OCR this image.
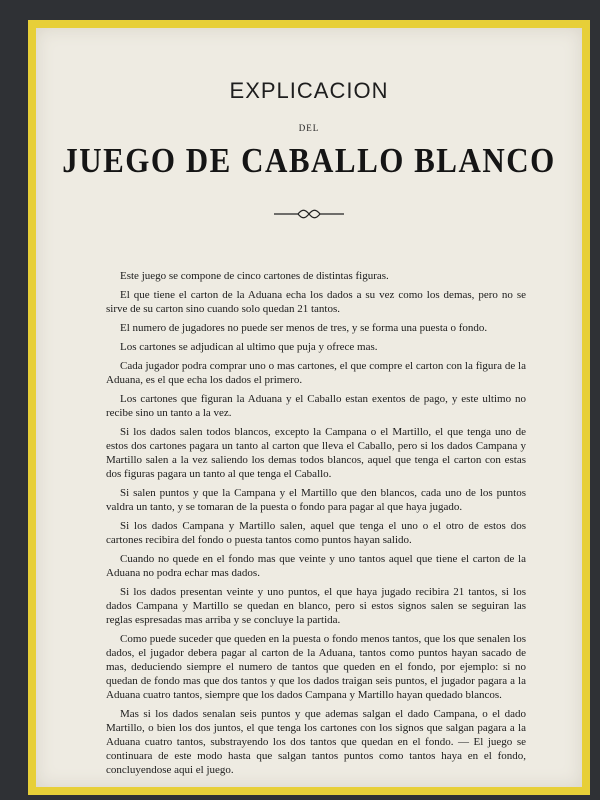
EXPLICACION
DEL
JUEGO DE CABALLO BLANCO

Este juego se compone de cinco cartones de distintas figuras.

El que tiene el carton de la Aduana echa los dados a su vez como los demas, pero no se sirve de su carton sino cuando solo quedan 21 tantos.

El numero de jugadores no puede ser menos de tres, y se forma una puesta o fondo.

Los cartones se adjudican al ultimo que puja y ofrece mas.

Cada jugador podra comprar uno o mas cartones, el que compre el carton con la figura de la Aduana, es el que echa los dados el primero.

Los cartones que figuran la Aduana y el Caballo estan exentos de pago, y este ultimo no recibe sino un tanto a la vez.

Si los dados salen todos blancos, excepto la Campana o el Martillo, el que tenga uno de estos dos cartones pagara un tanto al carton que lleva el Caballo, pero si los dados Campana y Martillo salen a la vez saliendo los demas todos blancos, aquel que tenga el carton con estas dos figuras pagara un tanto al que tenga el Caballo.

Si salen puntos y que la Campana y el Martillo que den blancos, cada uno de los puntos valdra un tanto, y se tomaran de la puesta o fondo para pagar al que haya jugado.

Si los dados Campana y Martillo salen, aquel que tenga el uno o el otro de estos dos cartones recibira del fondo o puesta tantos como puntos hayan salido.

Cuando no quede en el fondo mas que veinte y uno tantos aquel que tiene el carton de la Aduana no podra echar mas dados.

Si los dados presentan veinte y uno puntos, el que haya jugado recibira 21 tantos, si los dados Campana y Martillo se quedan en blanco, pero si estos signos salen se seguiran las reglas espresadas mas arriba y se concluye la partida.

Como puede suceder que queden en la puesta o fondo menos tantos, que los que senalen los dados, el jugador debera pagar al carton de la Aduana, tantos como puntos hayan sacado de mas, deduciendo siempre el numero de tantos que queden en el fondo, por ejemplo: si no quedan de fondo mas que dos tantos y que los dados traigan seis puntos, el jugador pagara a la Aduana cuatro tantos, siempre que los dados Campana y Martillo hayan quedado blancos.

Mas si los dados senalan seis puntos y que ademas salgan el dado Campana, o el dado Martillo, o bien los dos juntos, el que tenga los cartones con los signos que salgan pagara a la Aduana cuatro tantos, substrayendo los dos tantos que quedan en el fondo. — El juego se continuara de este modo hasta que salgan tantos puntos como tantos haya en el fondo, concluyendose aqui el juego.
